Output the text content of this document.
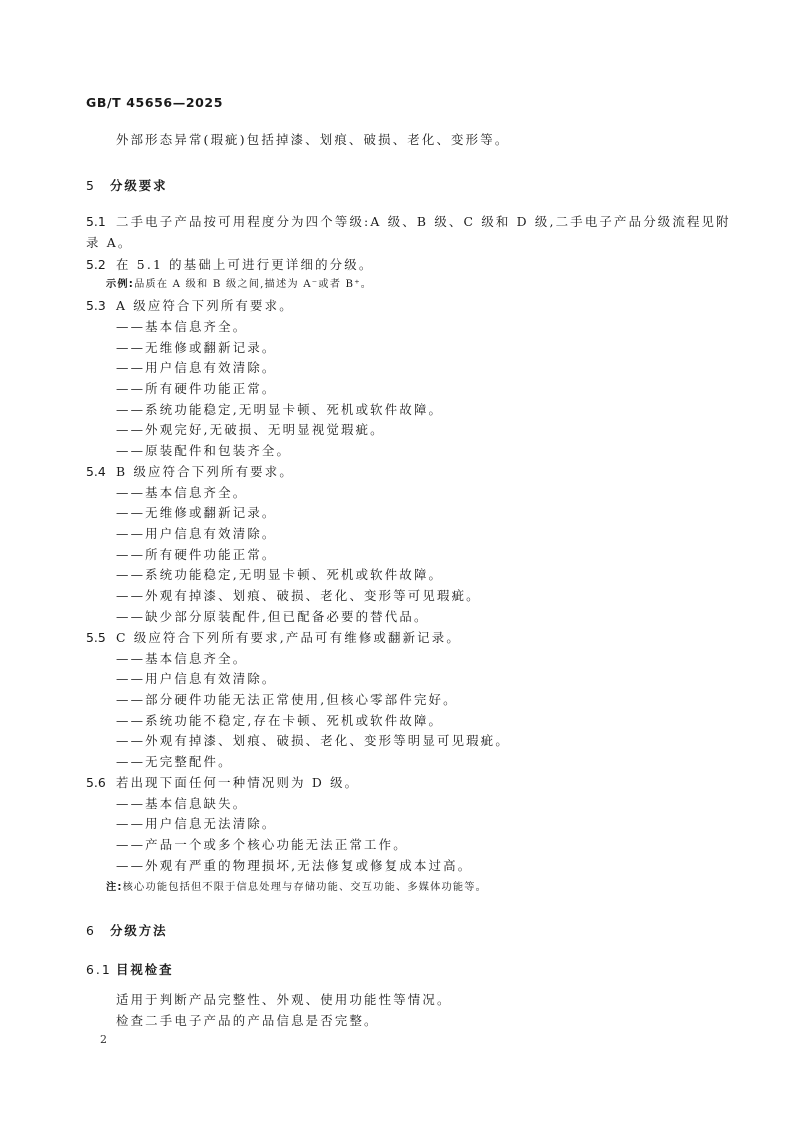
GB/T 45656—2025
外部形态异常(瑕疵)包括掉漆、划痕、破损、老化、变形等。
5 分级要求
5.1 二手电子产品按可用程度分为四个等级:A 级、B 级、C 级和 D 级,二手电子产品分级流程见附
录 A。
5.2 在 5.1 的基础上可进行更详细的分级。
示例:品质在 A 级和 B 级之间,描述为 A⁻或者 B⁺。
5.3 A 级应符合下列所有要求。
——基本信息齐全。
——无维修或翻新记录。
——用户信息有效清除。
——所有硬件功能正常。
——系统功能稳定,无明显卡顿、死机或软件故障。
——外观完好,无破损、无明显视觉瑕疵。
——原装配件和包装齐全。
5.4 B 级应符合下列所有要求。
——基本信息齐全。
——无维修或翻新记录。
——用户信息有效清除。
——所有硬件功能正常。
——系统功能稳定,无明显卡顿、死机或软件故障。
——外观有掉漆、划痕、破损、老化、变形等可见瑕疵。
——缺少部分原装配件,但已配备必要的替代品。
5.5 C 级应符合下列所有要求,产品可有维修或翻新记录。
——基本信息齐全。
——用户信息有效清除。
——部分硬件功能无法正常使用,但核心零部件完好。
——系统功能不稳定,存在卡顿、死机或软件故障。
——外观有掉漆、划痕、破损、老化、变形等明显可见瑕疵。
——无完整配件。
5.6 若出现下面任何一种情况则为 D 级。
——基本信息缺失。
——用户信息无法清除。
——产品一个或多个核心功能无法正常工作。
——外观有严重的物理损坏,无法修复或修复成本过高。
注:核心功能包括但不限于信息处理与存储功能、交互功能、多媒体功能等。
6 分级方法
6.1 目视检查
适用于判断产品完整性、外观、使用功能性等情况。
检查二手电子产品的产品信息是否完整。
2
